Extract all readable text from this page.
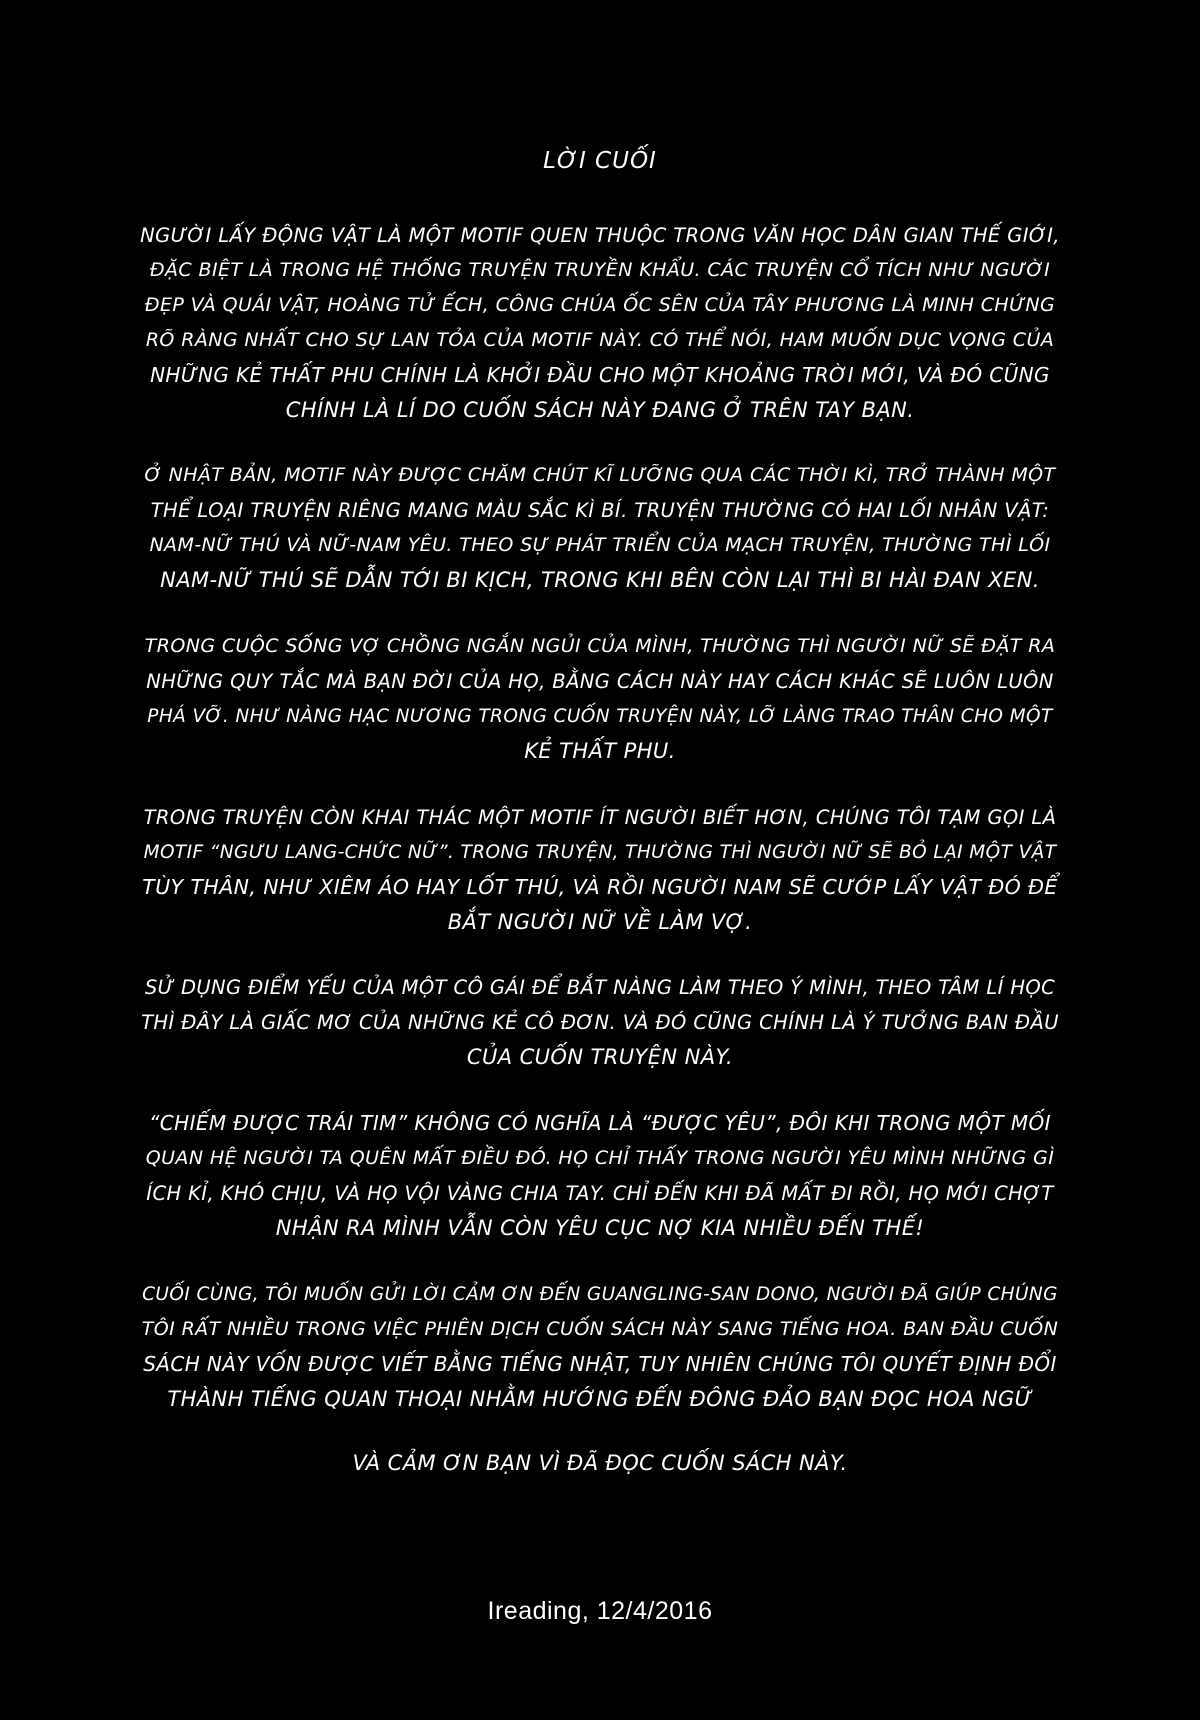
LỜI CUỐI
NGƯỜI LẤY ĐỘNG VẬT LÀ MỘT MOTIF QUEN THUỘC TRONG VĂN HỌC DÂN GIAN THẾ GIỚI,
ĐẶC BIỆT LÀ TRONG HỆ THỐNG TRUYỆN TRUYỀN KHẨU. CÁC TRUYỆN CỔ TÍCH NHƯ NGƯỜI
ĐẸP VÀ QUÁI VẬT, HOÀNG TỬ ẾCH, CÔNG CHÚA ỐC SÊN CỦA TÂY PHƯƠNG LÀ MINH CHỨNG
RÕ RÀNG NHẤT CHO SỰ LAN TỎA CỦA MOTIF NÀY. CÓ THỂ NÓI, HAM MUỐN DỤC VỌNG CỦA
NHỮNG KẺ THẤT PHU CHÍNH LÀ KHỞI ĐẦU CHO MỘT KHOẢNG TRỜI MỚI, VÀ ĐÓ CŨNG
CHÍNH LÀ LÍ DO CUỐN SÁCH NÀY ĐANG Ở TRÊN TAY BẠN.
Ở NHẬT BẢN, MOTIF NÀY ĐƯỢC CHĂM CHÚT KĨ LƯỠNG QUA CÁC THỜI KÌ, TRỞ THÀNH MỘT
THỂ LOẠI TRUYỆN RIÊNG MANG MÀU SẮC KÌ BÍ. TRUYỆN THƯỜNG CÓ HAI LỐI NHÂN VẬT:
NAM-NỮ THÚ VÀ NỮ-NAM YÊU. THEO SỰ PHÁT TRIỂN CỦA MẠCH TRUYỆN, THƯỜNG THÌ LỐI
NAM-NỮ THÚ SẼ DẪN TỚI BI KỊCH, TRONG KHI BÊN CÒN LẠI THÌ BI HÀI ĐAN XEN.
TRONG CUỘC SỐNG VỢ CHỒNG NGẮN NGỦI CỦA MÌNH, THƯỜNG THÌ NGƯỜI NỮ SẼ ĐẶT RA
NHỮNG QUY TẮC MÀ BẠN ĐỜI CỦA HỌ, BẰNG CÁCH NÀY HAY CÁCH KHÁC SẼ LUÔN LUÔN
PHÁ VỠ. NHƯ NÀNG HẠC NƯƠNG TRONG CUỐN TRUYỆN NÀY, LỠ LÀNG TRAO THÂN CHO MỘT
KẺ THẤT PHU.
TRONG TRUYỆN CÒN KHAI THÁC MỘT MOTIF ÍT NGƯỜI BIẾT HƠN, CHÚNG TÔI TẠM GỌI LÀ
MOTIF “NGƯU LANG-CHỨC NỮ”. TRONG TRUYỆN, THƯỜNG THÌ NGƯỜI NỮ SẼ BỎ LẠI MỘT VẬT
TÙY THÂN, NHƯ XIÊM ÁO HAY LỐT THÚ, VÀ RỒI NGƯỜI NAM SẼ CƯỚP LẤY VẬT ĐÓ ĐỂ
BẮT NGƯỜI NỮ VỀ LÀM VỢ.
SỬ DỤNG ĐIỂM YẾU CỦA MỘT CÔ GÁI ĐỂ BẮT NÀNG LÀM THEO Ý MÌNH, THEO TÂM LÍ HỌC
THÌ ĐÂY LÀ GIẤC MƠ CỦA NHỮNG KẺ CÔ ĐƠN. VÀ ĐÓ CŨNG CHÍNH LÀ Ý TƯỞNG BAN ĐẦU
CỦA CUỐN TRUYỆN NÀY.
“CHIẾM ĐƯỢC TRÁI TIM” KHÔNG CÓ NGHĨA LÀ “ĐƯỢC YÊU”, ĐÔI KHI TRONG MỘT MỐI
QUAN HỆ NGƯỜI TA QUÊN MẤT ĐIỀU ĐÓ. HỌ CHỈ THẤY TRONG NGƯỜI YÊU MÌNH NHỮNG GÌ
ÍCH KỈ, KHÓ CHỊU, VÀ HỌ VỘI VÀNG CHIA TAY. CHỈ ĐẾN KHI ĐÃ MẤT ĐI RỒI, HỌ MỚI CHỢT
NHẬN RA MÌNH VẪN CÒN YÊU CỤC NỢ KIA NHIỀU ĐẾN THẾ!
CUỐI CÙNG, TÔI MUỐN GỬI LỜI CẢM ƠN ĐẾN GUANGLING-SAN DONO, NGƯỜI ĐÃ GIÚP CHÚNG
TÔI RẤT NHIỀU TRONG VIỆC PHIÊN DỊCH CUỐN SÁCH NÀY SANG TIẾNG HOA. BAN ĐẦU CUỐN
SÁCH NÀY VỐN ĐƯỢC VIẾT BẰNG TIẾNG NHẬT, TUY NHIÊN CHÚNG TÔI QUYẾT ĐỊNH ĐỔI
THÀNH TIẾNG QUAN THOẠI NHẰM HƯỚNG ĐẾN ĐÔNG ĐẢO BẠN ĐỌC HOA NGỮ
VÀ CẢM ƠN BẠN VÌ ĐÃ ĐỌC CUỐN SÁCH NÀY.
Ireading, 12/4/2016
